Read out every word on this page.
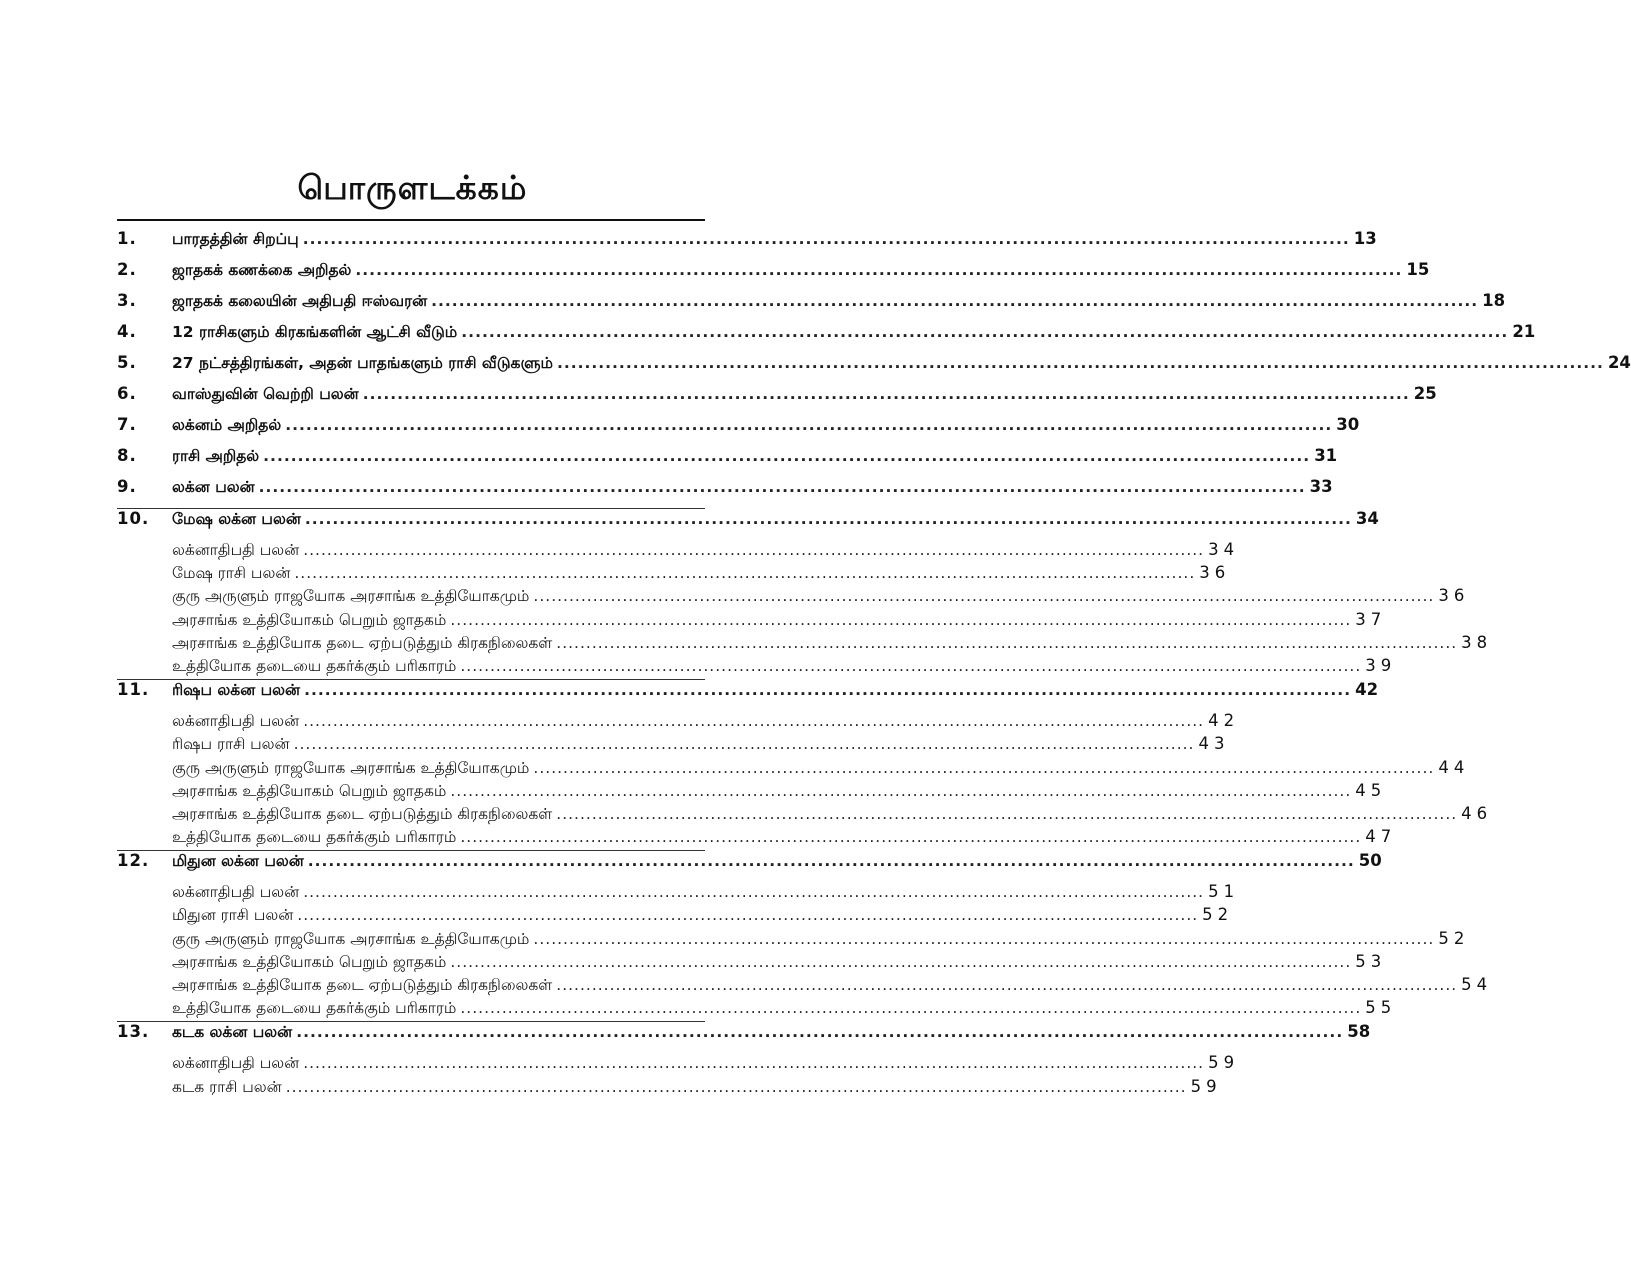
பொருளடக்கம்
1.	பாரதத்தின் சிறப்பு .....	13
2.	ஜாதகக் கணக்கை அறிதல் .....	15
3.	ஜாதகக் கலையின் அதிபதி ஈஸ்வரன் .....	18
4.	12 ராசிகளும் கிரகங்களின் ஆட்சி வீடும் .....	21
5.	27 நட்சத்திரங்கள், அதன் பாதங்களும் ராசி வீடுகளும் .....	24
6.	வாஸ்துவின் வெற்றி பலன் .....	25
7.	லக்னம் அறிதல் .....	30
8.	ராசி அறிதல் .....	31
9.	லக்ன பலன் .....	33
10.	மேஷ லக்ன பலன் .....	34
லக்னாதிபதி பலன் .....	34
மேஷ ராசி பலன் .....	36
குரு அருளும் ராஜயோக அரசாங்க உத்தியோகமும் .....	36
அரசாங்க உத்தியோகம் பெறும் ஜாதகம் .....	37
அரசாங்க உத்தியோக தடை ஏற்படுத்தும் கிரகநிலைகள் .....	38
உத்தியோக தடையை தகர்க்கும் பரிகாரம் .....	39
11.	ரிஷப லக்ன பலன் .....	42
லக்னாதிபதி பலன் .....	42
ரிஷப ராசி பலன் .....	43
குரு அருளும் ராஜயோக அரசாங்க உத்தியோகமும் .....	44
அரசாங்க உத்தியோகம் பெறும் ஜாதகம் .....	45
அரசாங்க உத்தியோக தடை ஏற்படுத்தும் கிரகநிலைகள் .....	46
உத்தியோக தடையை தகர்க்கும் பரிகாரம் .....	47
12.	மிதுன லக்ன பலன் .....	50
லக்னாதிபதி பலன் .....	51
மிதுன ராசி பலன் .....	52
குரு அருளும் ராஜயோக அரசாங்க உத்தியோகமும் .....	52
அரசாங்க உத்தியோகம் பெறும் ஜாதகம் .....	53
அரசாங்க உத்தியோக தடை ஏற்படுத்தும் கிரகநிலைகள் .....	54
உத்தியோக தடையை தகர்க்கும் பரிகாரம் .....	55
13.	கடக லக்ன பலன் .....	58
லக்னாதிபதி பலன் .....	59
கடக ராசி பலன் .....	59
